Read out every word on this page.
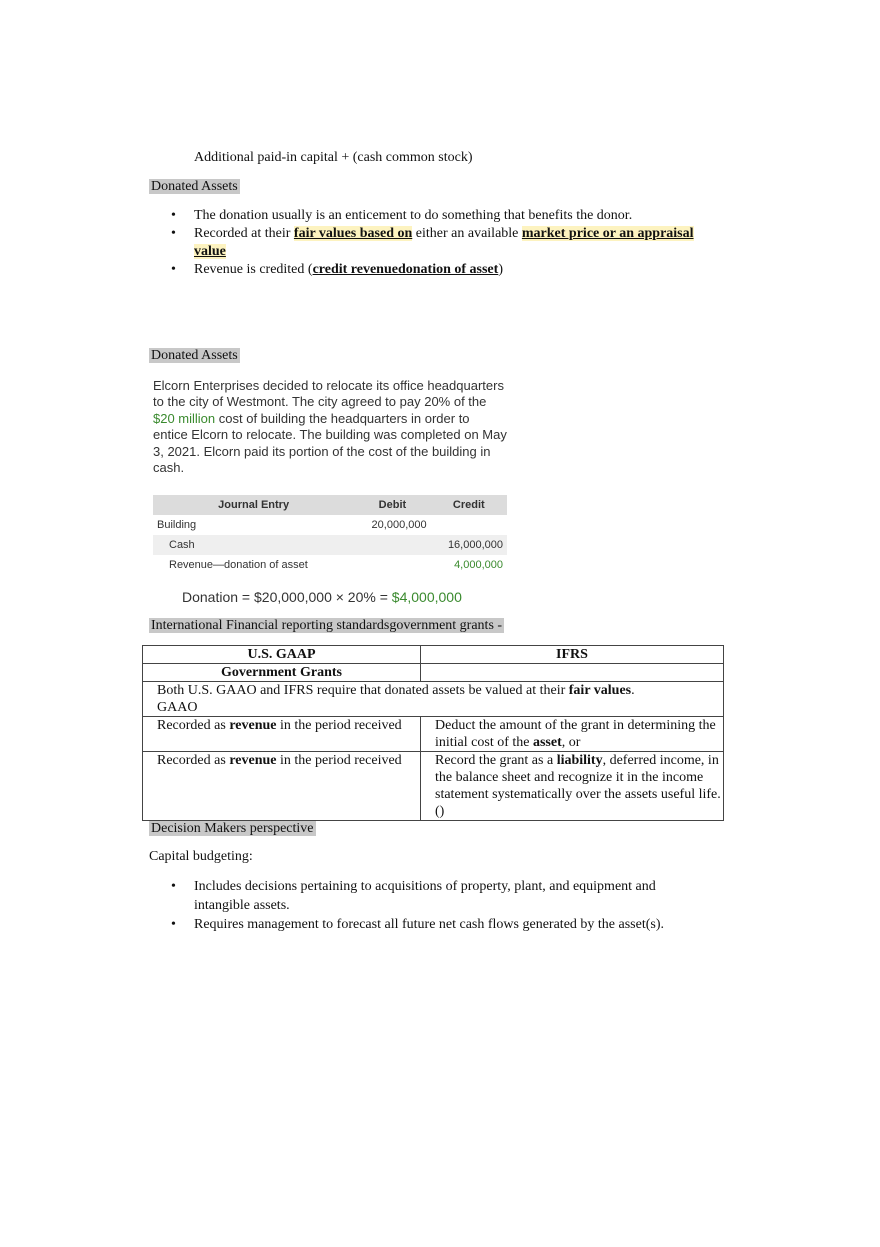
Additional paid-in capital + (cash common stock)
Donated Assets
• The donation usually is an enticement to do something that benefits the donor.
• Recorded at their fair values based on either an available market price or an appraisal
value
• Revenue is credited (credit revenuedonation of asset)
Donated Assets
Elcorn Enterprises decided to relocate its office headquarters
to the city of Westmont. The city agreed to pay 20% of the
$20 million cost of building the headquarters in order to
entice Elcorn to relocate. The building was completed on May
3, 2021. Elcorn paid its portion of the cost of the building in
cash.
Journal Entry	Debit	Credit
Building	20,000,000	
Cash		16,000,000
Revenue—donation of asset		4,000,000
Donation = $20,000,000 × 20% = $4,000,000
International Financial reporting standardsgovernment grants -
U.S. GAAP	IFRS
Government Grants	
Both U.S. GAAO and IFRS require that donated assets be valued at their fair values.
GAAO	
Recorded as revenue in the period received	Deduct the amount of the grant in determining the initial cost of the asset, or
Recorded as revenue in the period received	Record the grant as a liability, deferred income, in the balance sheet and recognize it in the income statement systematically over the assets useful life. ()
Decision Makers perspective
Capital budgeting:
• Includes decisions pertaining to acquisitions of property, plant, and equipment and intangible assets.
• Requires management to forecast all future net cash flows generated by the asset(s).
